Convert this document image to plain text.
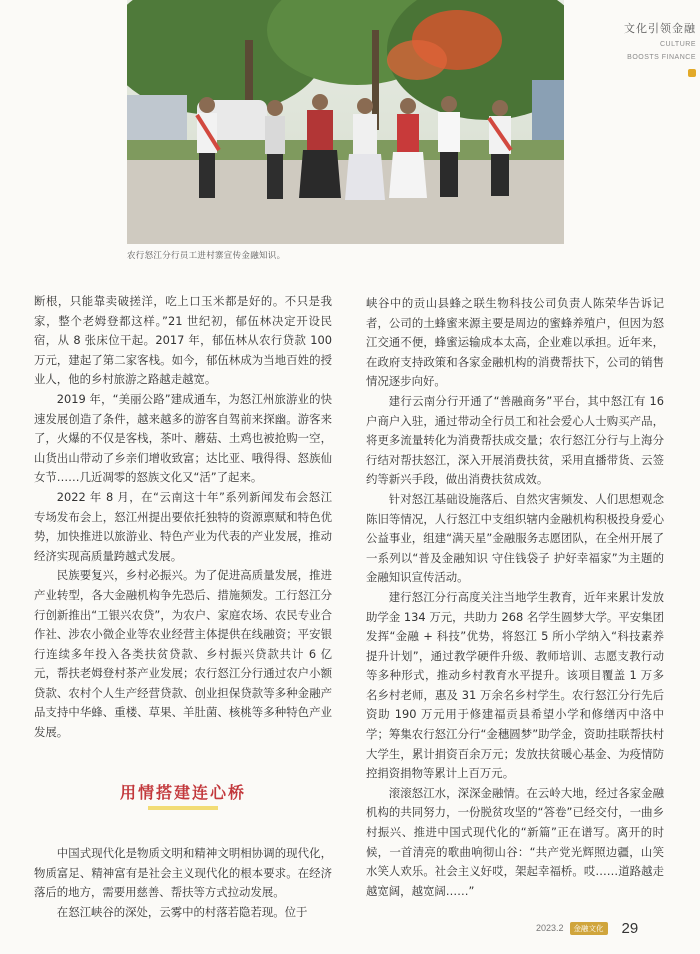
文化引领金融
CULTURE
BOOSTS FINANCE
农行怒江分行员工进村寨宣传金融知识。

断根，只能靠卖破搓洋，吃上口玉米都是好的。不只是我家，整个老姆登都这样。”21 世纪初，郁伍林决定开设民宿，从 8 张床位干起。2017 年，郁伍林从农行贷款 100 万元，建起了第二家客栈。如今，郁伍林成为当地百姓的授业人，他的乡村旅游之路越走越宽。

2019 年，“美丽公路”建成通车，为怒江州旅游业的快速发展创造了条件，越来越多的游客自驾前来探幽。游客来了，火爆的不仅是客栈，茶叶、蘑菇、土鸡也被抢购一空，山货出山带动了乡亲们增收致富；达比亚、哦得得、怒族仙女节……几近凋零的怒族文化又“活”了起来。

2022 年 8 月，在“云南这十年”系列新闻发布会怒江专场发布会上，怒江州提出要依托独特的资源禀赋和特色优势，加快推进以旅游业、特色产业为代表的产业发展，推动经济实现高质量跨越式发展。

民族要复兴，乡村必振兴。为了促进高质量发展，推进产业转型，各大金融机构争先恐后、措施频发。工行怒江分行创新推出“工银兴农贷”，为农户、家庭农场、农民专业合作社、涉农小微企业等农业经营主体提供在线融资；平安银行连续多年投入各类扶贫贷款、乡村振兴贷款共计 6 亿元，帮扶老姆登村茶产业发展；农行怒江分行通过农户小额贷款、农村个人生产经营贷款、创业担保贷款等多种金融产品支持中华蜂、重楼、草果、羊肚菌、核桃等多种特色产业发展。

用情搭建连心桥

中国式现代化是物质文明和精神文明相协调的现代化，物质富足、精神富有是社会主义现代化的根本要求。在经济落后的地方，需要用慈善、帮扶等方式拉动发展。

在怒江峡谷的深处，云雾中的村落若隐若现。位于

峡谷中的贡山县蜂之联生物科技公司负责人陈荣华告诉记者，公司的土蜂蜜来源主要是周边的蜜蜂养殖户，但因为怒江交通不便，蜂蜜运输成本太高，企业难以承担。近年来，在政府支持政策和各家金融机构的消费帮扶下，公司的销售情况逐步向好。

建行云南分行开通了“善融商务”平台，其中怒江有 16 户商户入驻，通过带动全行员工和社会爱心人士购买产品，将更多流量转化为消费帮扶成交量；农行怒江分行与上海分行结对帮扶怒江，深入开展消费扶贫，采用直播带货、云签约等新兴手段，做出消费扶贫成效。

针对怒江基础设施落后、自然灾害频发、人们思想观念陈旧等情况，人行怒江中支组织辖内金融机构积极投身爱心公益事业，组建“满天星”金融服务志愿团队，在全州开展了一系列以“普及金融知识 守住钱袋子 护好幸福家”为主题的金融知识宣传活动。

建行怒江分行高度关注当地学生教育，近年来累计发放助学金 134 万元，共助力 268 名学生圆梦大学。平安集团发挥“金融 + 科技”优势，将怒江 5 所小学纳入“科技素养提升计划”，通过教学硬件升级、教师培训、志愿支教行动等多种形式，推动乡村教育水平提升。该项目覆盖 1 万多名乡村老师，惠及 31 万余名乡村学生。农行怒江分行先后资助 190 万元用于修建福贡县希望小学和修缮丙中洛中学；筹集农行怒江分行“金穗圆梦”助学金，资助挂联帮扶村大学生，累计捐资百余万元；发放扶贫暖心基金、为疫情防控捐资捐物等累计上百万元。

滚滚怒江水，深深金融情。在云岭大地，经过各家金融机构的共同努力，一份脱贫攻坚的“答卷”已经交付，一曲乡村振兴、推进中国式现代化的“新篇”正在谱写。离开的时候，一首清亮的歌曲响彻山谷：“共产党光辉照边疆，山笑水笑人欢乐。社会主义好哎，架起幸福桥。哎……道路越走越宽阔，越宽阔……”

2023.2	金融文化 29
